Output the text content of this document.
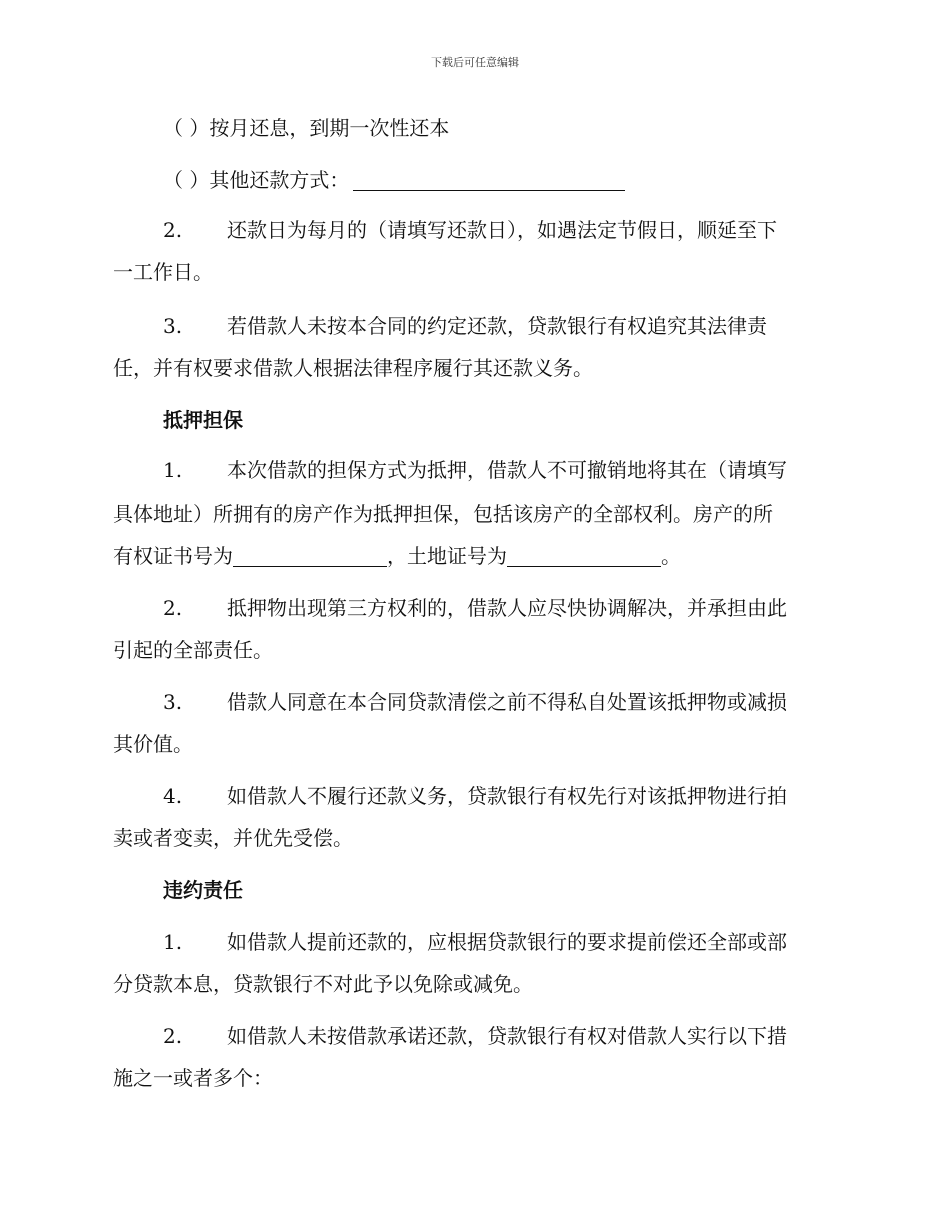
下载后可任意编辑
（ ）按月还息，到期一次性还本
（ ）其他还款方式：
2. 还款日为每月的（请填写还款日），如遇法定节假日，顺延至下
一工作日。
3. 若借款人未按本合同的约定还款，贷款银行有权追究其法律责
任，并有权要求借款人根据法律程序履行其还款义务。
抵押担保
1. 本次借款的担保方式为抵押，借款人不可撤销地将其在（请填写
具体地址）所拥有的房产作为抵押担保，包括该房产的全部权利。房产的所
有权证书号为	，土地证号为	。
2. 抵押物出现第三方权利的，借款人应尽快协调解决，并承担由此
引起的全部责任。
3. 借款人同意在本合同贷款清偿之前不得私自处置该抵押物或减损
其价值。
4. 如借款人不履行还款义务，贷款银行有权先行对该抵押物进行拍
卖或者变卖，并优先受偿。
违约责任
1. 如借款人提前还款的，应根据贷款银行的要求提前偿还全部或部
分贷款本息，贷款银行不对此予以免除或减免。
2. 如借款人未按借款承诺还款，贷款银行有权对借款人实行以下措
施之一或者多个：
